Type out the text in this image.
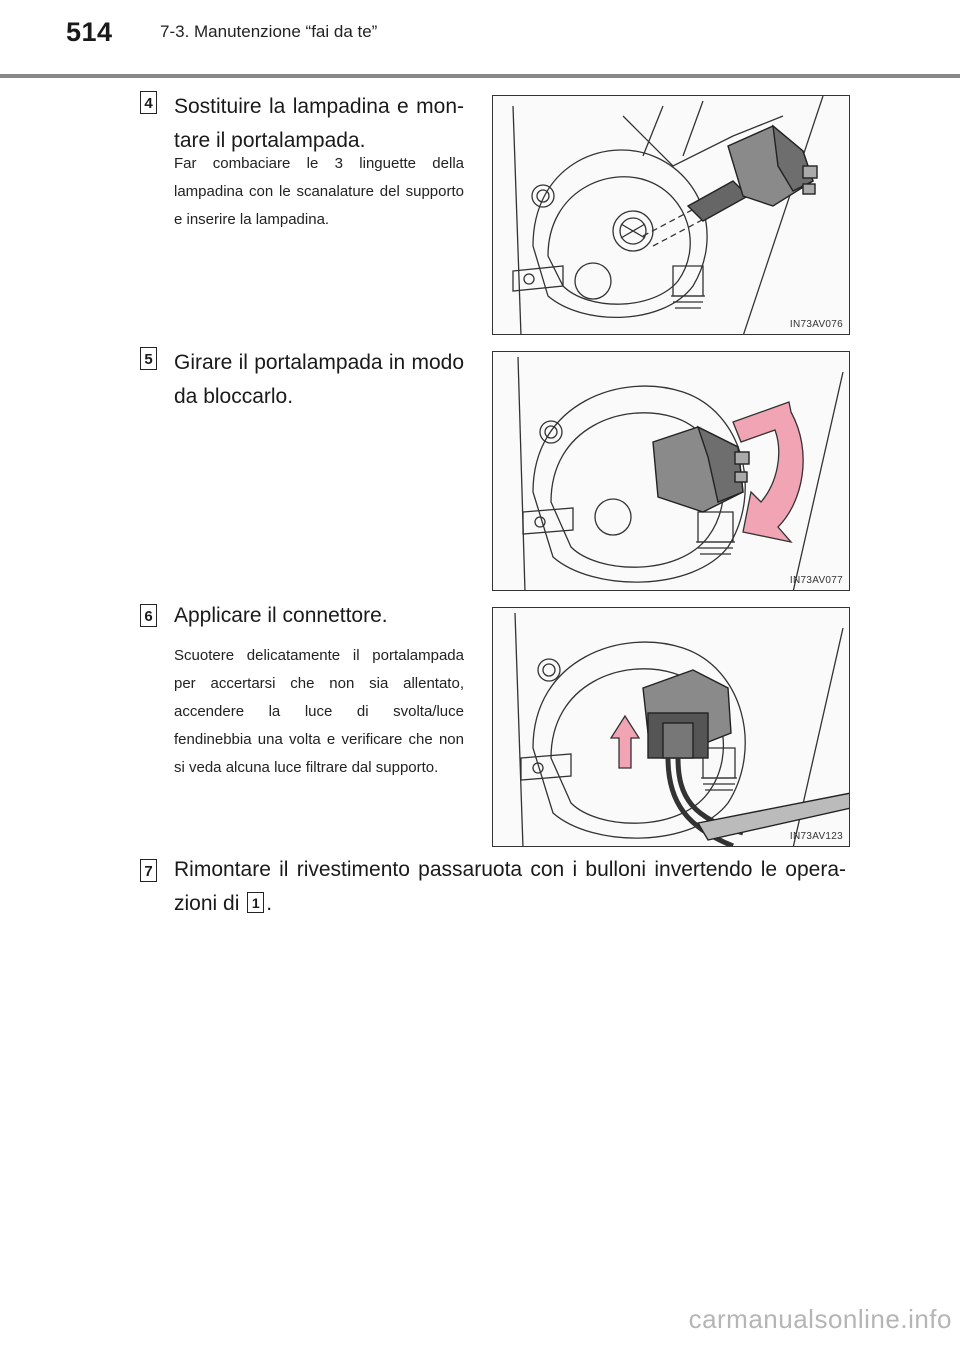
514	7-3. Manutenzione “fai da te”
4 Sostituire la lampadina e mon-
tare il portalampada.
Far combaciare le 3 linguette della lampadina con le scanalature del supporto e inserire la lampadina.
IN73AV076
5 Girare il portalampada in modo
da bloccarlo.
IN73AV077
6 Applicare il connettore.
Scuotere delicatamente il portalampada per accertarsi che non sia allentato, accendere la luce di svolta/luce fendinebbia una volta e verificare che non si veda alcuna luce filtrare dal supporto.
IN73AV123
7 Rimontare il rivestimento passaruota con i bulloni invertendo le opera-
zioni di 1 .
carmanualsonline.info
